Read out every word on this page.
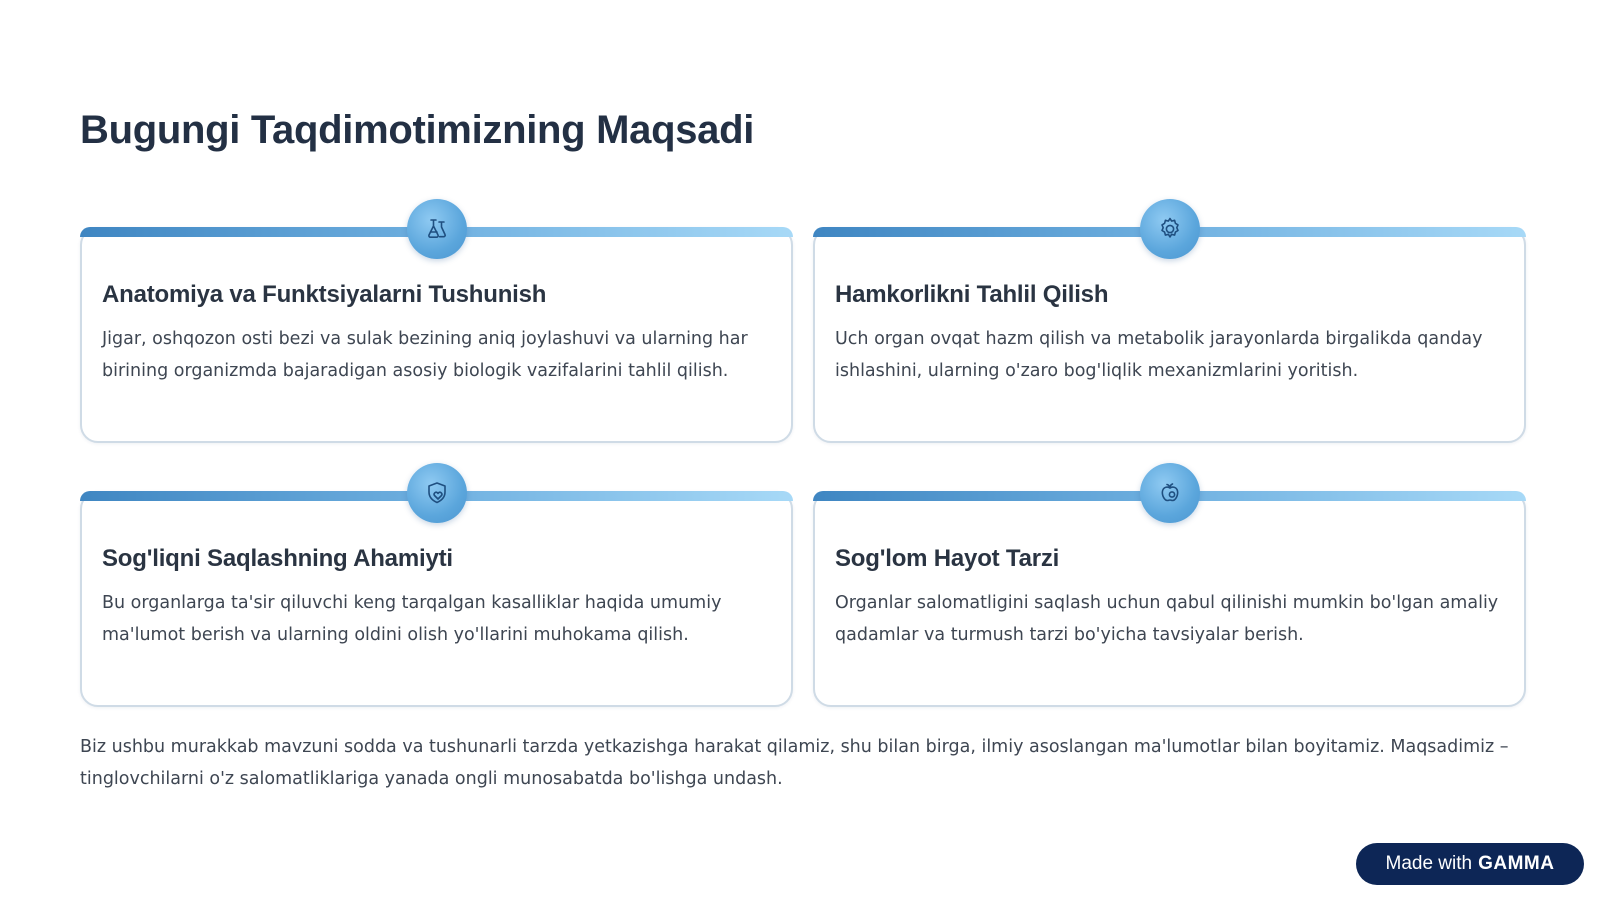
Bugungi Taqdimotimizning Maqsadi
Anatomiya va Funktsiyalarni Tushunish
Jigar, oshqozon osti bezi va sulak bezining aniq joylashuvi va ularning har birining organizmda bajaradigan asosiy biologik vazifalarini tahlil qilish.
Hamkorlikni Tahlil Qilish
Uch organ ovqat hazm qilish va metabolik jarayonlarda birgalikda qanday ishlashini, ularning o'zaro bog'liqlik mexanizmlarini yoritish.
Sog'liqni Saqlashning Ahamiyti
Bu organlarga ta'sir qiluvchi keng tarqalgan kasalliklar haqida umumiy ma'lumot berish va ularning oldini olish yo'llarini muhokama qilish.
Sog'lom Hayot Tarzi
Organlar salomatligini saqlash uchun qabul qilinishi mumkin bo'lgan amaliy qadamlar va turmush tarzi bo'yicha tavsiyalar berish.

Biz ushbu murakkab mavzuni sodda va tushunarli tarzda yetkazishga harakat qilamiz, shu bilan birga, ilmiy asoslangan ma'lumotlar bilan boyitamiz. Maqsadimiz – tinglovchilarni o'z salomatliklariga yanada ongli munosabatda bo'lishga undash.

Made with GAMMA
